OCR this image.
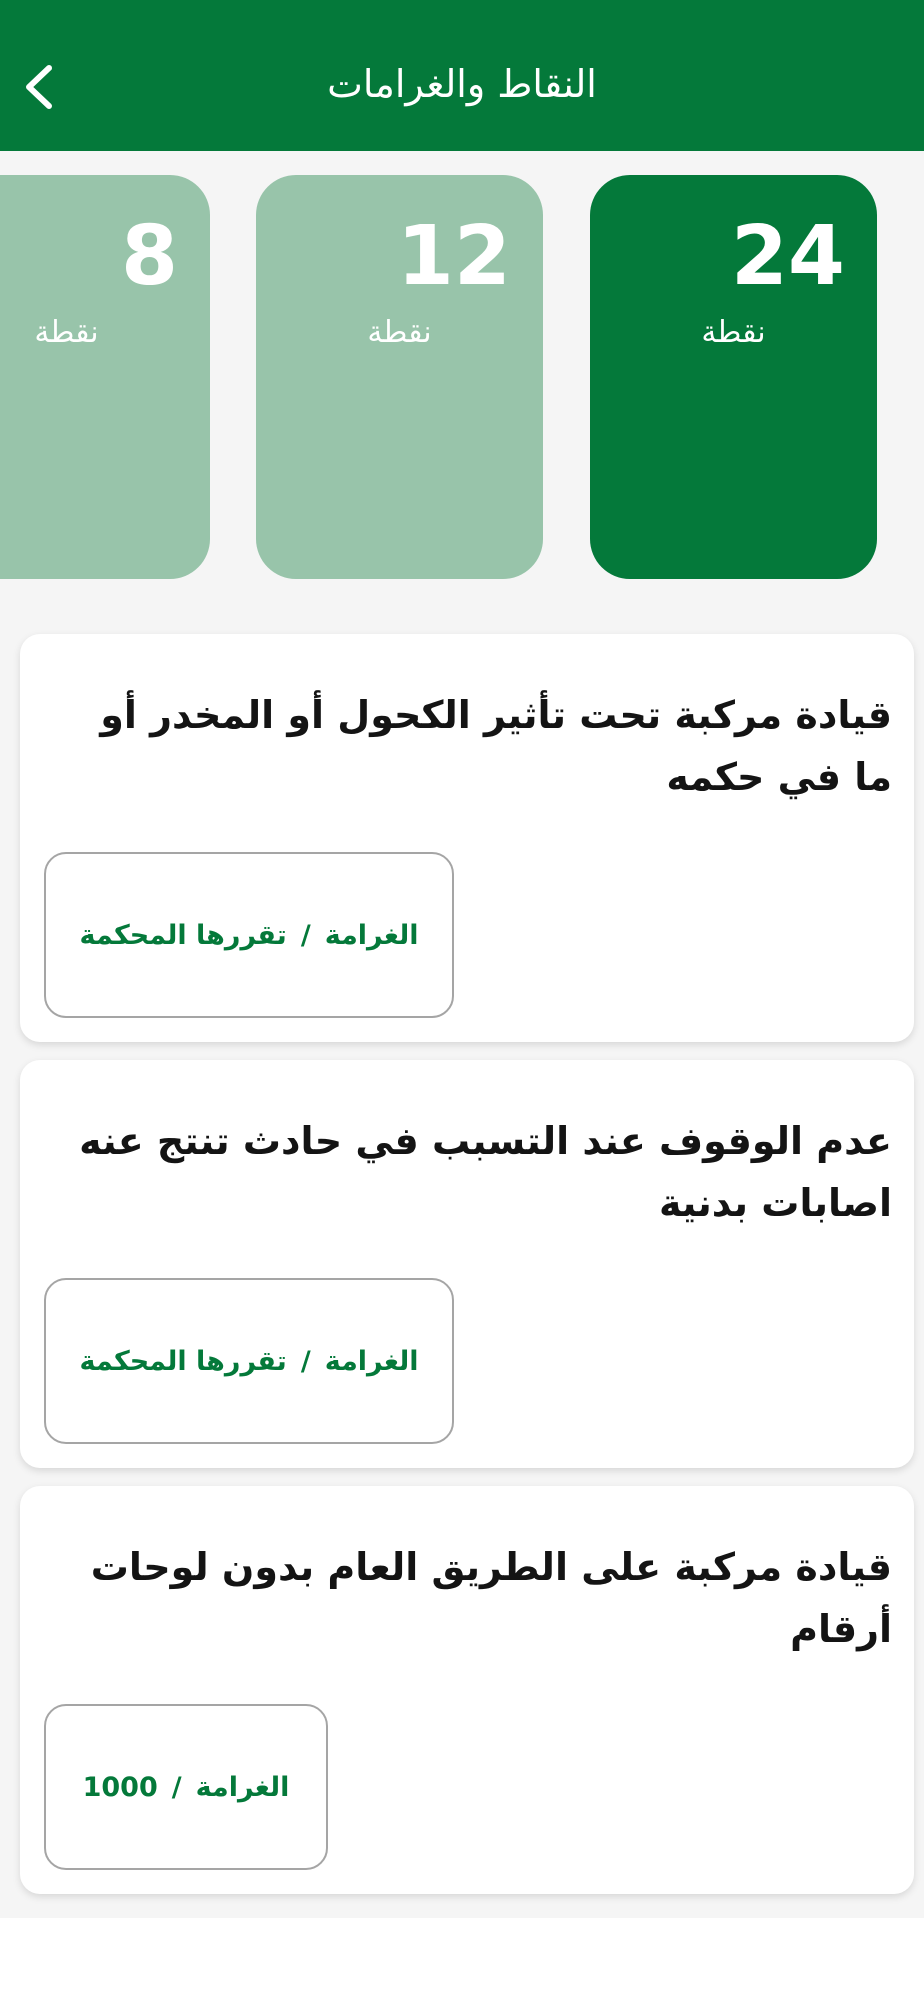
النقاط والغرامات
24
نقطة
12
نقطة
8
نقطة
قيادة مركبة تحت تأثير الكحول أو المخدر أو ما في حكمه
الغرامة
/
تقررها المحكمة
عدم الوقوف عند التسبب في حادث تنتج عنه اصابات بدنية
الغرامة
/
تقررها المحكمة
قيادة مركبة على الطريق العام بدون لوحات أرقام
الغرامة
/
1000
